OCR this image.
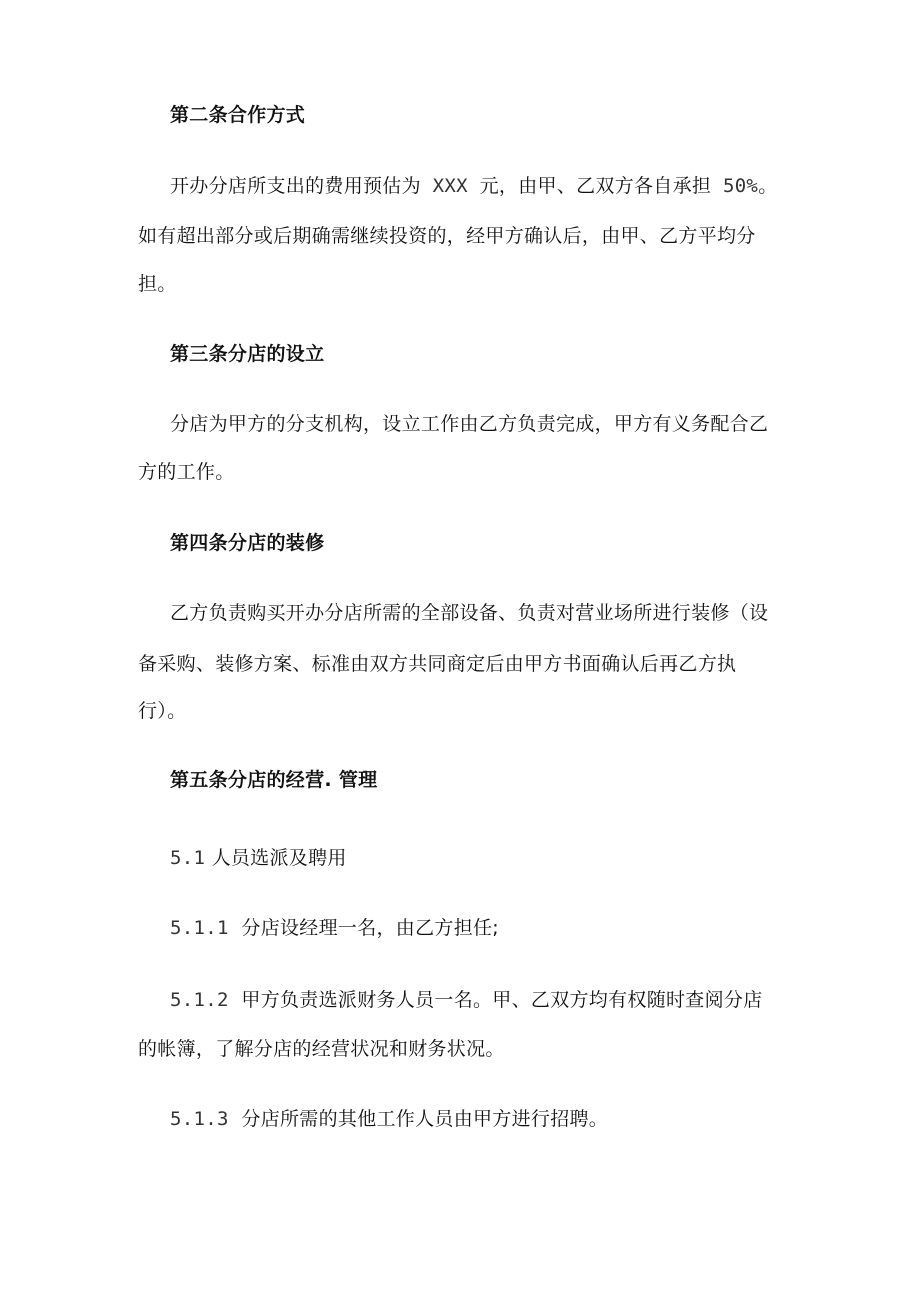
第二条合作方式
开办分店所支出的费用预估为 XXX 元，由甲、乙双方各自承担 50%。
如有超出部分或后期确需继续投资的，经甲方确认后，由甲、乙方平均分
担。
第三条分店的设立
分店为甲方的分支机构，设立工作由乙方负责完成，甲方有义务配合乙
方的工作。
第四条分店的装修
乙方负责购买开办分店所需的全部设备、负责对营业场所进行装修（设
备采购、装修方案、标准由双方共同商定后由甲方书面确认后再乙方执
行）。
第五条分店的经营. 管理
5.1 人员选派及聘用
5.1.1 分店设经理一名，由乙方担任;
5.1.2 甲方负责选派财务人员一名。甲、乙双方均有权随时查阅分店
的帐簿，了解分店的经营状况和财务状况。
5.1.3 分店所需的其他工作人员由甲方进行招聘。
